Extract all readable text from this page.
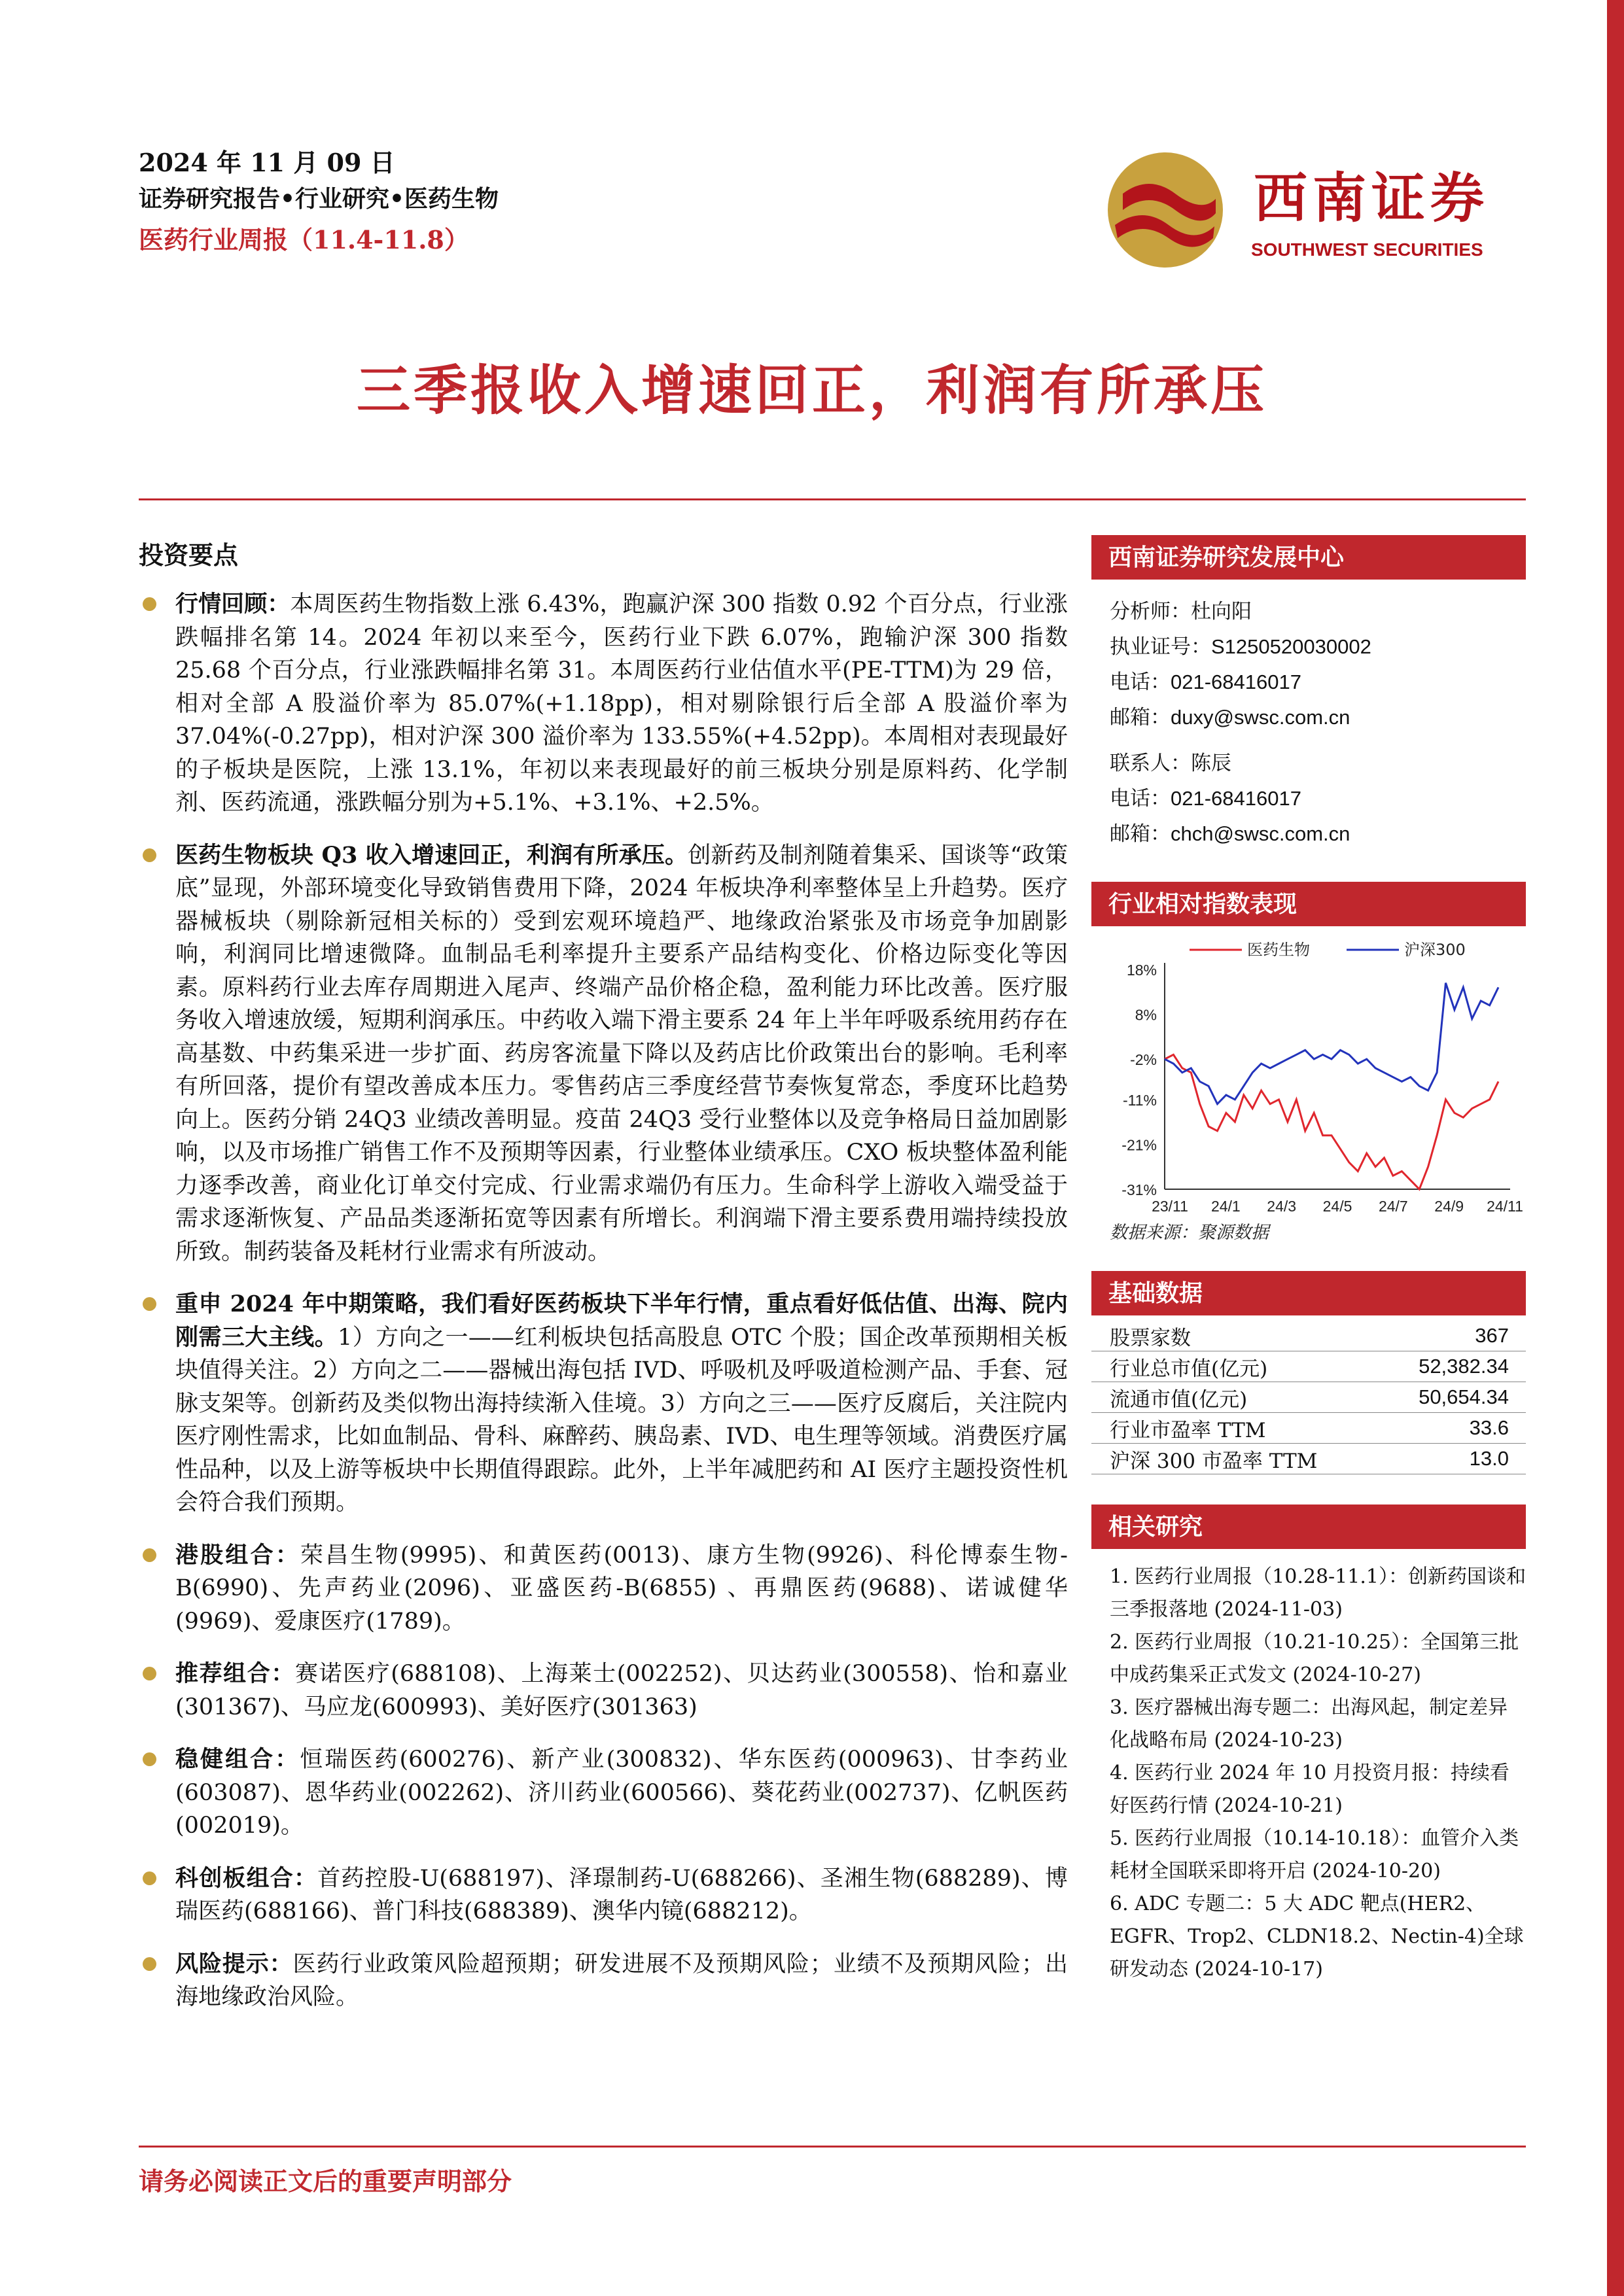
2024 年 11 月 09 日
证券研究报告•行业研究•医药生物
医药行业周报（11.4-11.8）
西南证券
SOUTHWEST SECURITIES
三季报收入增速回正，利润有所承压
投资要点
行情回顾：本周医药生物指数上涨 6.43%，跑赢沪深 300 指数 0.92 个百分点，行业涨跌幅排名第 14。2024 年初以来至今，医药行业下跌 6.07%，跑输沪深 300 指数 25.68 个百分点，行业涨跌幅排名第 31。本周医药行业估值水平(PE-TTM)为 29 倍，相对全部 A 股溢价率为 85.07%(+1.18pp)，相对剔除银行后全部 A 股溢价率为 37.04%(-0.27pp)，相对沪深 300 溢价率为 133.55%(+4.52pp)。本周相对表现最好的子板块是医院，上涨 13.1%，年初以来表现最好的前三板块分别是原料药、化学制剂、医药流通，涨跌幅分别为+5.1%、+3.1%、+2.5%。
医药生物板块 Q3 收入增速回正，利润有所承压。创新药及制剂随着集采、国谈等“政策底”显现，外部环境变化导致销售费用下降，2024 年板块净利率整体呈上升趋势。医疗器械板块（剔除新冠相关标的）受到宏观环境趋严、地缘政治紧张及市场竞争加剧影响，利润同比增速微降。血制品毛利率提升主要系产品结构变化、价格边际变化等因素。原料药行业去库存周期进入尾声、终端产品价格企稳，盈利能力环比改善。医疗服务收入增速放缓，短期利润承压。中药收入端下滑主要系 24 年上半年呼吸系统用药存在高基数、中药集采进一步扩面、药房客流量下降以及药店比价政策出台的影响。毛利率有所回落，提价有望改善成本压力。零售药店三季度经营节奏恢复常态，季度环比趋势向上。医药分销 24Q3 业绩改善明显。疫苗 24Q3 受行业整体以及竞争格局日益加剧影响，以及市场推广销售工作不及预期等因素，行业整体业绩承压。CXO 板块整体盈利能力逐季改善，商业化订单交付完成、行业需求端仍有压力。生命科学上游收入端受益于需求逐渐恢复、产品品类逐渐拓宽等因素有所增长。利润端下滑主要系费用端持续投放所致。制药装备及耗材行业需求有所波动。
重申 2024 年中期策略，我们看好医药板块下半年行情，重点看好低估值、出海、院内刚需三大主线。1）方向之一——红利板块包括高股息 OTC 个股；国企改革预期相关板块值得关注。2）方向之二——器械出海包括 IVD、呼吸机及呼吸道检测产品、手套、冠脉支架等。创新药及类似物出海持续渐入佳境。3）方向之三——医疗反腐后，关注院内医疗刚性需求，比如血制品、骨科、麻醉药、胰岛素、IVD、电生理等领域。消费医疗属性品种，以及上游等板块中长期值得跟踪。此外，上半年减肥药和 AI 医疗主题投资性机会符合我们预期。
港股组合：荣昌生物(9995)、和黄医药(0013)、康方生物(9926)、科伦博泰生物-B(6990)、先声药业(2096)、亚盛医药-B(6855) 、再鼎医药(9688)、诺诚健华(9969)、爱康医疗(1789)。
推荐组合：赛诺医疗(688108)、上海莱士(002252)、贝达药业(300558)、怡和嘉业(301367)、马应龙(600993)、美好医疗(301363)
稳健组合：恒瑞医药(600276)、新产业(300832)、华东医药(000963)、甘李药业(603087)、恩华药业(002262)、济川药业(600566)、葵花药业(002737)、亿帆医药(002019)。
科创板组合：首药控股-U(688197)、泽璟制药-U(688266)、圣湘生物(688289)、博瑞医药(688166)、普门科技(688389)、澳华内镜(688212)。
风险提示：医药行业政策风险超预期；研发进展不及预期风险；业绩不及预期风险；出海地缘政治风险。
西南证券研究发展中心
分析师：杜向阳
执业证号：S1250520030002
电话：021-68416017
邮箱：duxy@swsc.com.cn
联系人：陈辰
电话：021-68416017
邮箱：chch@swsc.com.cn
行业相对指数表现
18%
8%
-2%
-11%
-21%
-31%
23/11 24/1 24/3 24/5 24/7 24/9 24/11
医药生物	沪深300
数据来源：聚源数据
基础数据
股票家数	367
行业总市值(亿元)	52,382.34
流通市值(亿元)	50,654.34
行业市盈率 TTM	33.6
沪深 300 市盈率 TTM	13.0
相关研究
1. 医药行业周报（10.28-11.1）：创新药国谈和三季报落地 (2024-11-03)
2. 医药行业周报（10.21-10.25）：全国第三批中成药集采正式发文 (2024-10-27)
3. 医疗器械出海专题二：出海风起，制定差异化战略布局 (2024-10-23)
4. 医药行业 2024 年 10 月投资月报：持续看好医药行情 (2024-10-21)
5. 医药行业周报（10.14-10.18）：血管介入类耗材全国联采即将开启 (2024-10-20)
6. ADC 专题二：5 大 ADC 靶点(HER2、EGFR、Trop2、CLDN18.2、Nectin-4)全球研发动态 (2024-10-17)
请务必阅读正文后的重要声明部分
